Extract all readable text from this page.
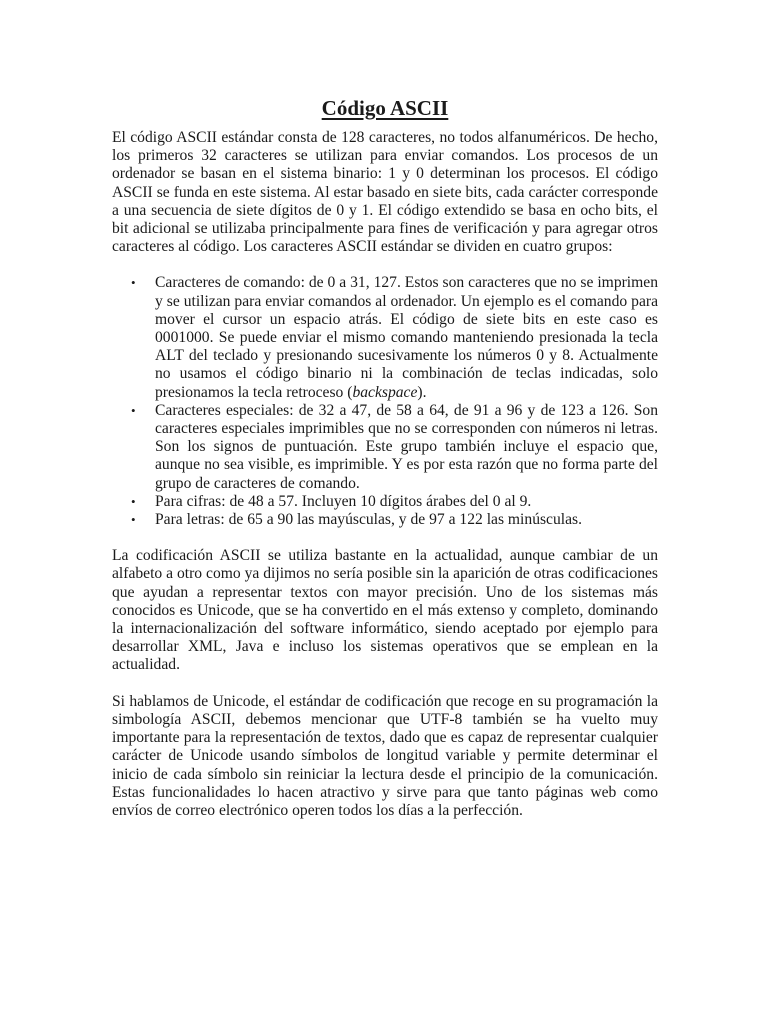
Código ASCII

El código ASCII estándar consta de 128 caracteres, no todos alfanuméricos. De hecho, los primeros 32 caracteres se utilizan para enviar comandos. Los procesos de un ordenador se basan en el sistema binario: 1 y 0 determinan los procesos. El código ASCII se funda en este sistema. Al estar basado en siete bits, cada carácter corresponde a una secuencia de siete dígitos de 0 y 1. El código extendido se basa en ocho bits, el bit adicional se utilizaba principalmente para fines de verificación y para agregar otros caracteres al código. Los caracteres ASCII estándar se dividen en cuatro grupos:

• Caracteres de comando: de 0 a 31, 127. Estos son caracteres que no se imprimen y se utilizan para enviar comandos al ordenador. Un ejemplo es el comando para mover el cursor un espacio atrás. El código de siete bits en este caso es 0001000. Se puede enviar el mismo comando manteniendo presionada la tecla ALT del teclado y presionando sucesivamente los números 0 y 8. Actualmente no usamos el código binario ni la combinación de teclas indicadas, solo presionamos la tecla retroceso (backspace).
• Caracteres especiales: de 32 a 47, de 58 a 64, de 91 a 96 y de 123 a 126. Son caracteres especiales imprimibles que no se corresponden con números ni letras. Son los signos de puntuación. Este grupo también incluye el espacio que, aunque no sea visible, es imprimible. Y es por esta razón que no forma parte del grupo de caracteres de comando.
• Para cifras: de 48 a 57. Incluyen 10 dígitos árabes del 0 al 9.
• Para letras: de 65 a 90 las mayúsculas, y de 97 a 122 las minúsculas.

La codificación ASCII se utiliza bastante en la actualidad, aunque cambiar de un alfabeto a otro como ya dijimos no sería posible sin la aparición de otras codificaciones que ayudan a representar textos con mayor precisión. Uno de los sistemas más conocidos es Unicode, que se ha convertido en el más extenso y completo, dominando la internacionalización del software informático, siendo aceptado por ejemplo para desarrollar XML, Java e incluso los sistemas operativos que se emplean en la actualidad.

Si hablamos de Unicode, el estándar de codificación que recoge en su programación la simbología ASCII, debemos mencionar que UTF-8 también se ha vuelto muy importante para la representación de textos, dado que es capaz de representar cualquier carácter de Unicode usando símbolos de longitud variable y permite determinar el inicio de cada símbolo sin reiniciar la lectura desde el principio de la comunicación. Estas funcionalidades lo hacen atractivo y sirve para que tanto páginas web como envíos de correo electrónico operen todos los días a la perfección.
